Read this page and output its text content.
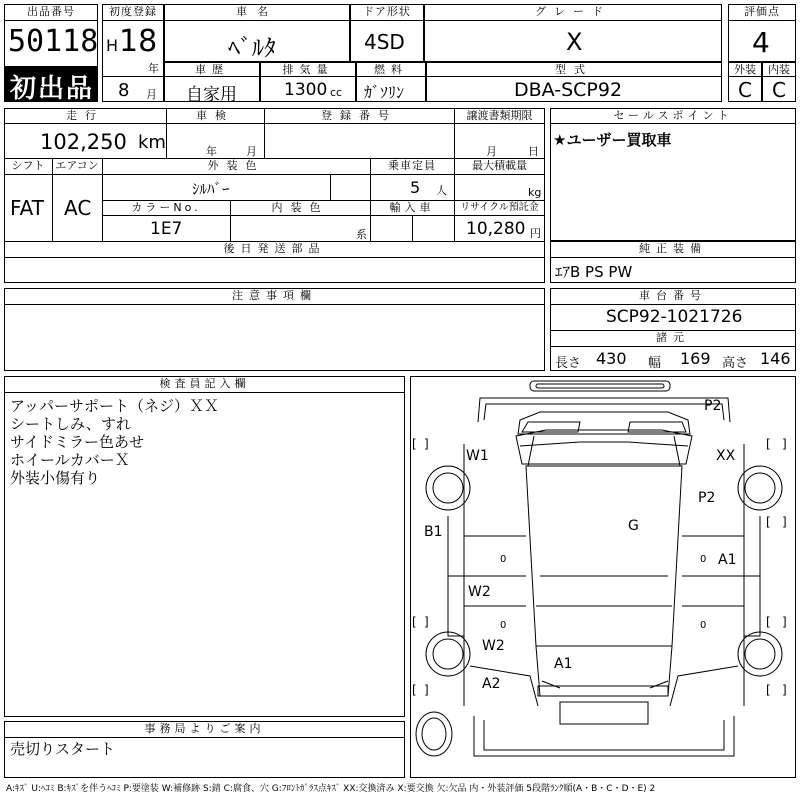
出品番号
50118
初出品
初度登録
H 18
年
8 月
車名
ﾍﾞﾙﾀ
ドア形状
4SD
グレード
X
評価点
4
車歴
自家用
排気量
1300 cc
燃料
ｶﾞｿﾘﾝ
型式
DBA-SCP92
外装
C
内装
C
走行
102,250 km
車検
年	月
登録番号	譲渡書類期限
月	日
シフト
FAT
エアコン
AC
外装色
ｼﾙﾊﾞｰ
乗車定員
5 人
最大積載量
kg
カラーNo.
1E7
内装色
系
輸入車	リサイクル預託金
10,280 円
後日発送部品
セールスポイント
★ユーザー買取車
純正装備
ｴｱB PS PW
注意事項欄	車台番号
SCP92-1021726
諸元
長さ 430 幅 169 高さ 146
検査員記入欄
アッパーサポート（ネジ）ＸＸ
シートしみ、すれ
サイドミラー色あせ
ホイールカバーＸ
外装小傷有り
事務局よりご案内
売切りスタート
[ ]	[ ]
[ ]
[ ]	[ ]
[ ]	[ ]
0	0
0	0
P2
W1	XX
P2
B1	G
A1
W2
W2
A1
A2
A:ｷｽﾞ U:ﾍｺﾐ B:ｷｽﾞを伴うﾍｺﾐ P:要塗装 W:補修跡 S:錆 C:腐食、穴 G:ﾌﾛﾝﾄｶﾞﾗｽ点ｷｽﾞ XX:交換済み X:要交換 欠:欠品 内・外装評価 5段階ﾗﾝｸ順(A・B・C・D・E) 2
